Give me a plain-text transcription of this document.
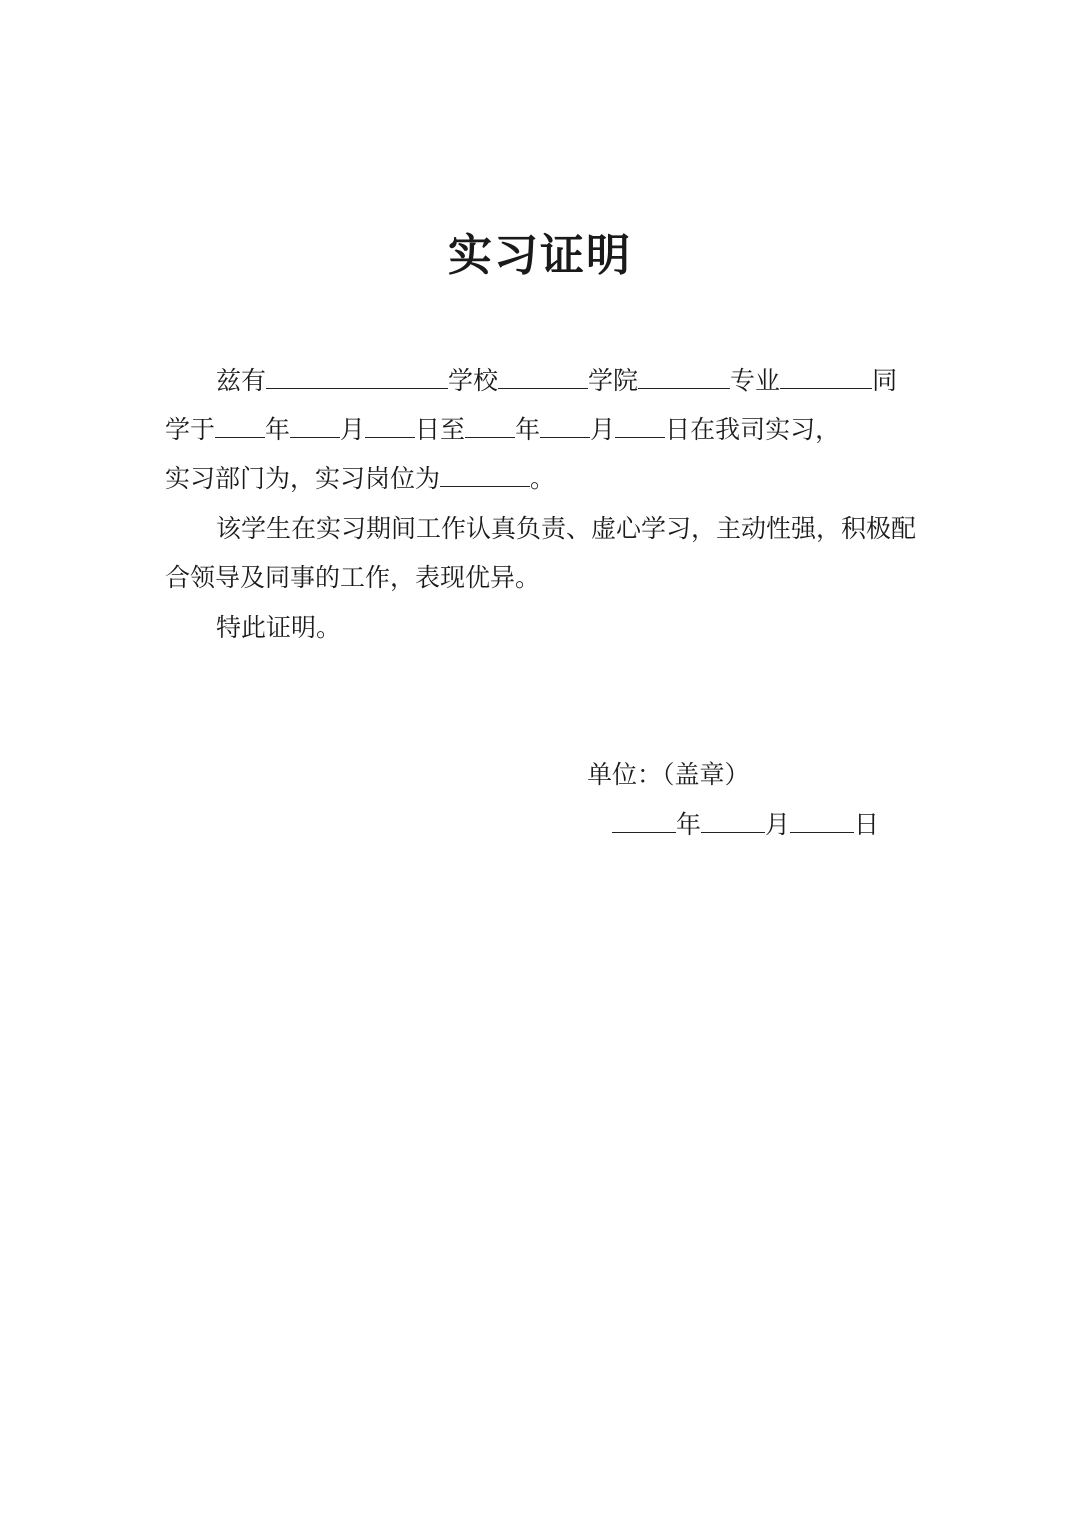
实习证明
兹有	学校	学院	专业	同
学于 年 月 日至 年 月 日在我司实习，
实习部门为，实习岗位为	。
该学生在实习期间工作认真负责、虚心学习，主动性强，积极配
合领导及同事的工作，表现优异。
特此证明。
单位：（盖章）
年	月	日
